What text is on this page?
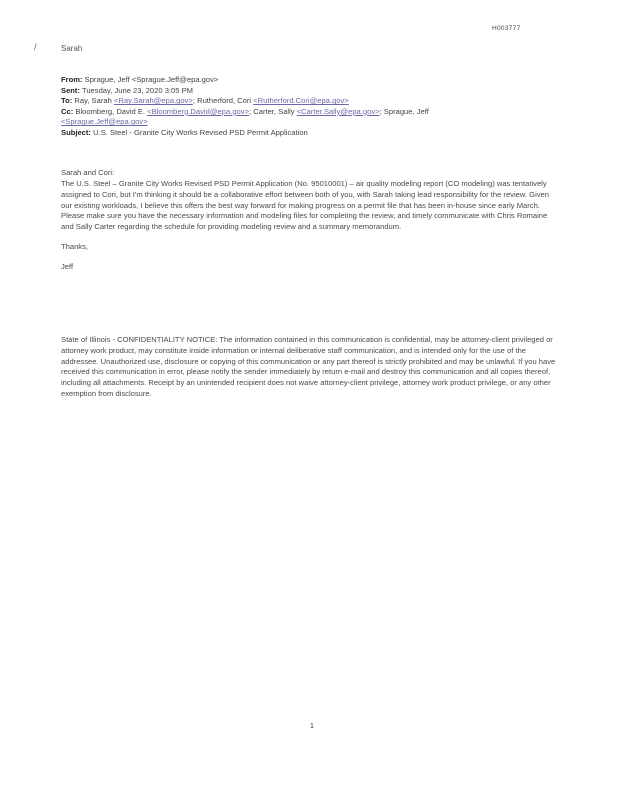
H003777
/	Sarah
From: Sprague, Jeff <Sprague.Jeff@epa.gov>
Sent: Tuesday, June 23, 2020 3:05 PM
To: Ray, Sarah <Ray.Sarah@epa.gov>; Rutherford, Cori <Rutherford.Cori@epa.gov>
Cc: Bloomberg, David E. <Bloomberg.David@epa.gov>; Carter, Sally <Carter.Sally@epa.gov>; Sprague, Jeff
<Sprague.Jeff@epa.gov>
Subject: U.S. Steel - Granite City Works Revised PSD Permit Application
Sarah and Cori:

The U.S. Steel – Granite City Works Revised PSD Permit Application (No. 95010001) – air quality modeling report (CO modeling) was tentatively assigned to Cori, but I'm thinking it should be a collaborative effort between both of you, with Sarah taking lead responsibility for the review. Given our existing workloads, I believe this offers the best way forward for making progress on a permit file that has been in-house since early March. Please make sure you have the necessary information and modeling files for completing the review, and timely communicate with Chris Romaine and Sally Carter regarding the schedule for providing modeling review and a summary memorandum.

Thanks,
Jeff

State of Illinois - CONFIDENTIALITY NOTICE: The information contained in this communication is confidential, may be attorney-client privileged or attorney work product, may constitute inside information or internal deliberative staff communication, and is intended only for the use of the addressee. Unauthorized use, disclosure or copying of this communication or any part thereof is strictly prohibited and may be unlawful. If you have received this communication in error, please notify the sender immediately by return e-mail and destroy this communication and all copies thereof, including all attachments. Receipt by an unintended recipient does not waive attorney-client privilege, attorney work product privilege, or any other exemption from disclosure.

1
